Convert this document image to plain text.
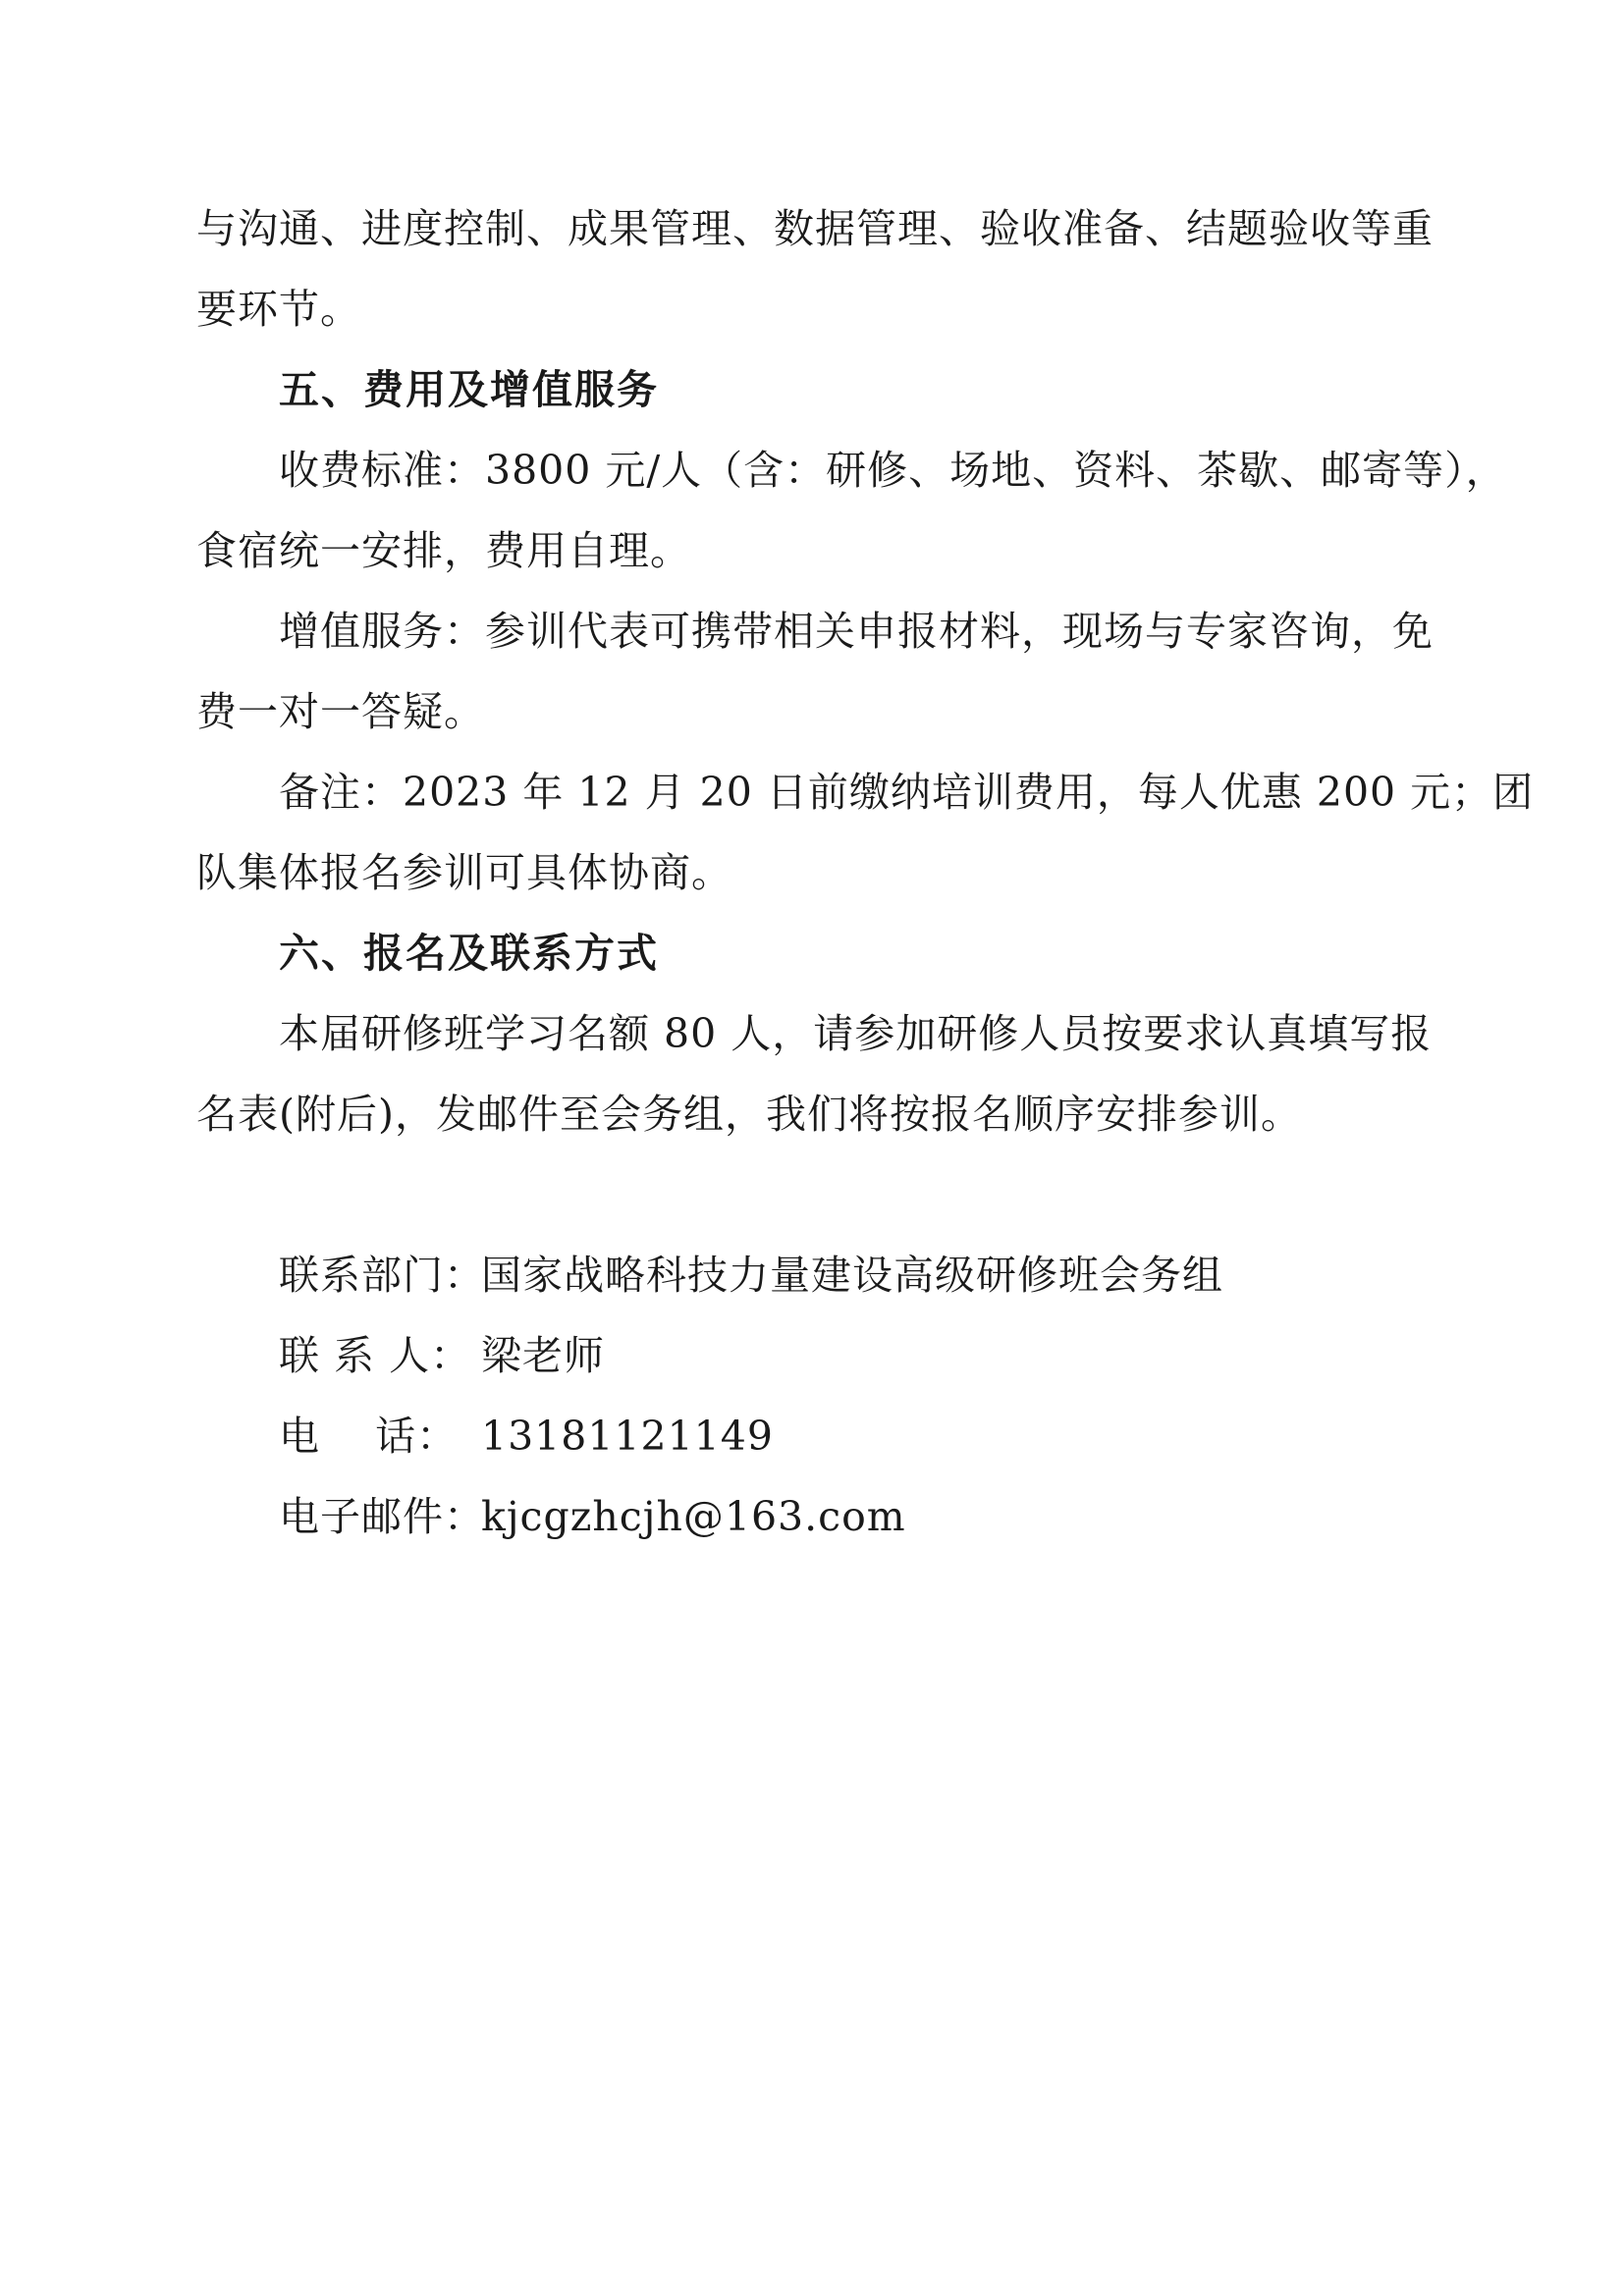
与沟通、进度控制、成果管理、数据管理、验收准备、结题验收等重
要环节。
五、费用及增值服务
收费标准：3800 元/人（含：研修、场地、资料、茶歇、邮寄等），
食宿统一安排，费用自理。
增值服务：参训代表可携带相关申报材料，现场与专家咨询，免
费一对一答疑。
备注：2023 年 12 月 20 日前缴纳培训费用，每人优惠 200 元；团
队集体报名参训可具体协商。
六、报名及联系方式
本届研修班学习名额 80 人，请参加研修人员按要求认真填写报
名表(附后)，发邮件至会务组，我们将按报名顺序安排参训。
联系部门：国家战略科技力量建设高级研修班会务组
联 系 人： 梁老师
电    话： 13181121149
电子邮件：kjcgzhcjh@163.com
